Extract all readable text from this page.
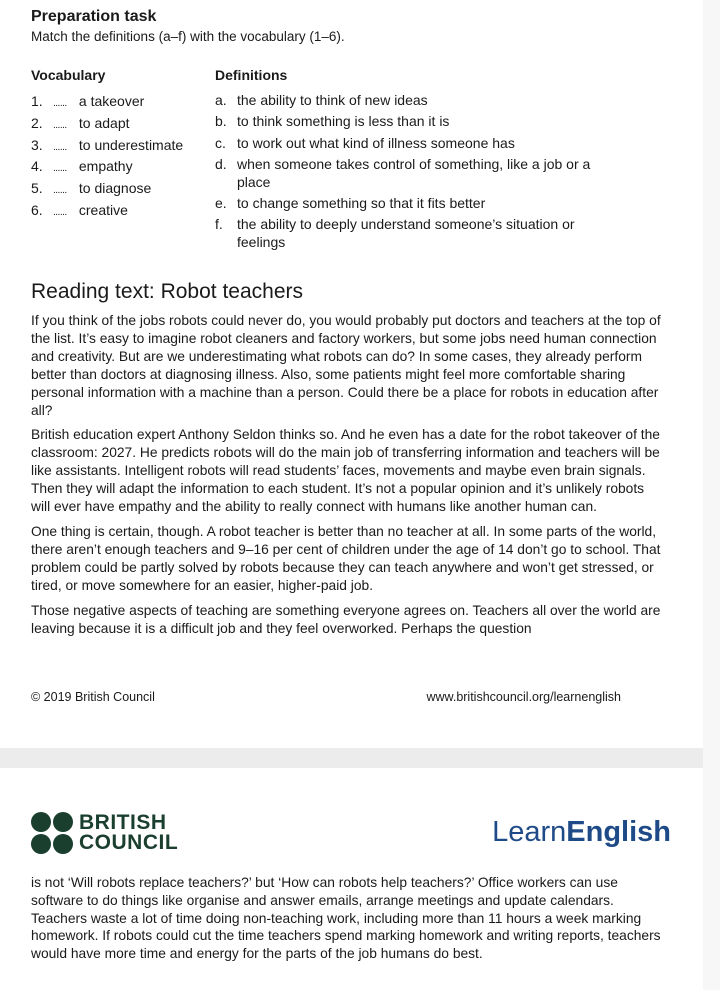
Preparation task
Match the definitions (a–f) with the vocabulary (1–6).
Vocabulary	Definitions
1. ...... a takeover
2. ...... to adapt
3. ...... to underestimate
4. ...... empathy
5. ...... to diagnose
6. ...... creative
a. the ability to think of new ideas
b. to think something is less than it is
c. to work out what kind of illness someone has
d. when someone takes control of something, like a job or a place
e. to change something so that it fits better
f.	the ability to deeply understand someone’s situation or feelings
Reading text: Robot teachers

If you think of the jobs robots could never do, you would probably put doctors and teachers at the top of the list. It’s easy to imagine robot cleaners and factory workers, but some jobs need human connection and creativity. But are we underestimating what robots can do? In some cases, they already perform better than doctors at diagnosing illness. Also, some patients might feel more comfortable sharing personal information with a machine than a person. Could there be a place for robots in education after all?

British education expert Anthony Seldon thinks so. And he even has a date for the robot takeover of the classroom: 2027. He predicts robots will do the main job of transferring information and teachers will be like assistants. Intelligent robots will read students’ faces, movements and maybe even brain signals. Then they will adapt the information to each student. It’s not a popular opinion and it’s unlikely robots will ever have empathy and the ability to really connect with humans like another human can.

One thing is certain, though. A robot teacher is better than no teacher at all. In some parts of the world, there aren’t enough teachers and 9–16 per cent of children under the age of 14 don’t go to school. That problem could be partly solved by robots because they can teach anywhere and won’t get stressed, or tired, or move somewhere for an easier, higher-paid job.

Those negative aspects of teaching are something everyone agrees on. Teachers all over the world are leaving because it is a difficult job and they feel overworked. Perhaps the question

© 2019 British Council	www.britishcouncil.org/learnenglish
BRITISH
COUNCIL	LearnEnglish
is not ‘Will robots replace teachers?’ but ‘How can robots help teachers?’ Office workers can use software to do things like organise and answer emails, arrange meetings and update calendars. Teachers waste a lot of time doing non-teaching work, including more than 11 hours a week marking homework. If robots could cut the time teachers spend marking homework and writing reports, teachers would have more time and energy for the parts of the job humans do best.
